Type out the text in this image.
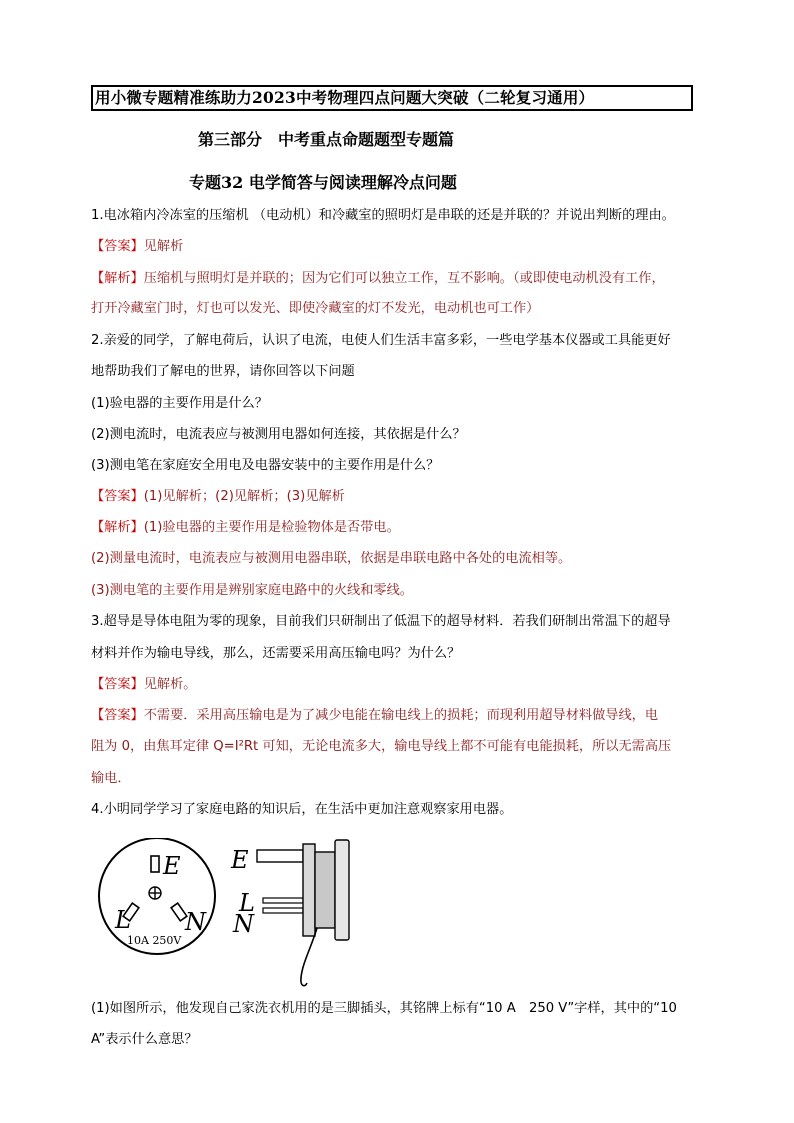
用小微专题精准练助力2023中考物理四点问题大突破（二轮复习通用）
第三部分　中考重点命题题型专题篇
专题32 电学简答与阅读理解冷点问题
1.电冰箱内冷冻室的压缩机 （电动机）和冷藏室的照明灯是串联的还是并联的？并说出判断的理由。
【答案】见解析
【解析】压缩机与照明灯是并联的；因为它们可以独立工作，互不影响。（或即使电动机没有工作，
打开冷藏室门时，灯也可以发光、即使冷藏室的灯不发光，电动机也可工作）
2.亲爱的同学，了解电荷后，认识了电流，电使人们生活丰富多彩，一些电学基本仪器或工具能更好
地帮助我们了解电的世界，请你回答以下问题
(1)验电器的主要作用是什么？
(2)测电流时，电流表应与被测用电器如何连接，其依据是什么？
(3)测电笔在家庭安全用电及电器安装中的主要作用是什么？
【答案】(1)见解析；(2)见解析；(3)见解析
【解析】(1)验电器的主要作用是检验物体是否带电。
(2)测量电流时，电流表应与被测用电器串联，依据是串联电路中各处的电流相等。
(3)测电笔的主要作用是辨别家庭电路中的火线和零线。
3.超导是导体电阻为零的现象，目前我们只研制出了低温下的超导材料．若我们研制出常温下的超导
材料并作为输电导线，那么，还需要采用高压输电吗？为什么？
【答案】见解析。
【答案】不需要．采用高压输电是为了减少电能在输电线上的损耗；而现利用超导材料做导线，电
阻为 0，由焦耳定律 Q=I²Rt 可知，无论电流多大，输电导线上都不可能有电能损耗，所以无需高压
输电．
4.小明同学学习了家庭电路的知识后，在生活中更加注意观察家用电器。
E
L N
10A 250V
E
L
N
(1)如图所示，他发现自己家洗衣机用的是三脚插头，其铭牌上标有“10 A　250 V”字样，其中的“10
A”表示什么意思？
